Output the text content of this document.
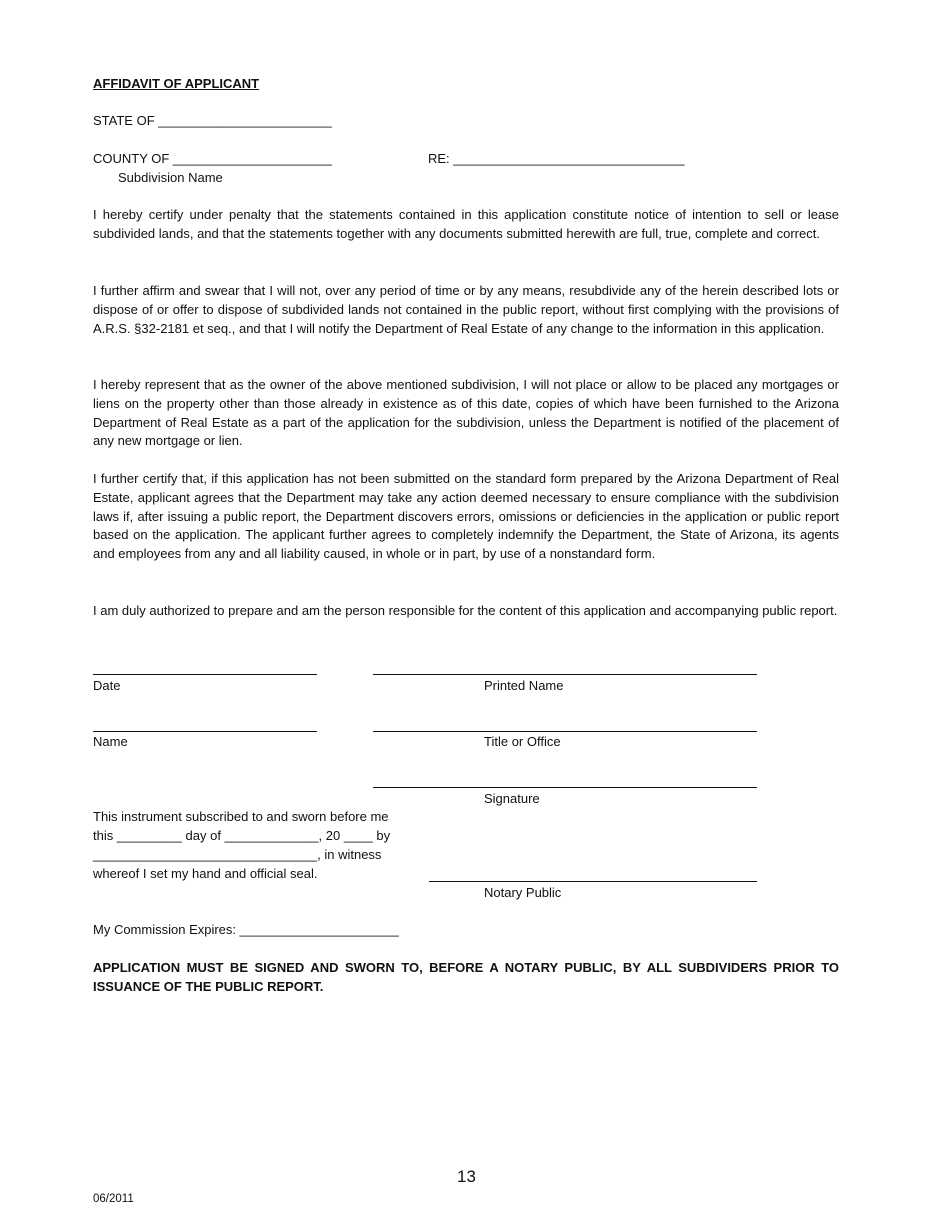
AFFIDAVIT OF APPLICANT
STATE OF ________________________
COUNTY OF ______________________	RE: ________________________________
Subdivision Name
I hereby certify under penalty that the statements contained in this application constitute notice of intention to sell or lease subdivided lands, and that the statements together with any documents submitted herewith are full, true, complete and correct.
I further affirm and swear that I will not, over any period of time or by any means, resubdivide any of the herein described lots or dispose of or offer to dispose of subdivided lands not contained in the public report, without first complying with the provisions of A.R.S. §32-2181 et seq., and that I will notify the Department of Real Estate of any change to the information in this application.
I hereby represent that as the owner of the above mentioned subdivision, I will not place or allow to be placed any mortgages or liens on the property other than those already in existence as of this date, copies of which have been furnished to the Arizona Department of Real Estate as a part of the application for the subdivision, unless the Department is notified of the placement of any new mortgage or lien.
I further certify that, if this application has not been submitted on the standard form prepared by the Arizona Department of Real Estate, applicant agrees that the Department may take any action deemed necessary to ensure compliance with the subdivision laws if, after issuing a public report, the Department discovers errors, omissions or deficiencies in the application or public report based on the application. The applicant further agrees to completely indemnify the Department, the State of Arizona, its agents and employees from any and all liability caused, in whole or in part, by use of a nonstandard form.
I am duly authorized to prepare and am the person responsible for the content of this application and accompanying public report.
Date	Printed Name
Name	Title or Office
Signature
This instrument subscribed to and sworn before me
this _________ day of _____________, 20 ____ by
_______________________________, in witness
whereof I set my hand and official seal.
Notary Public
My Commission Expires: ______________________
APPLICATION MUST BE SIGNED AND SWORN TO, BEFORE A NOTARY PUBLIC, BY ALL SUBDIVIDERS PRIOR TO ISSUANCE OF THE PUBLIC REPORT.
13
06/2011
